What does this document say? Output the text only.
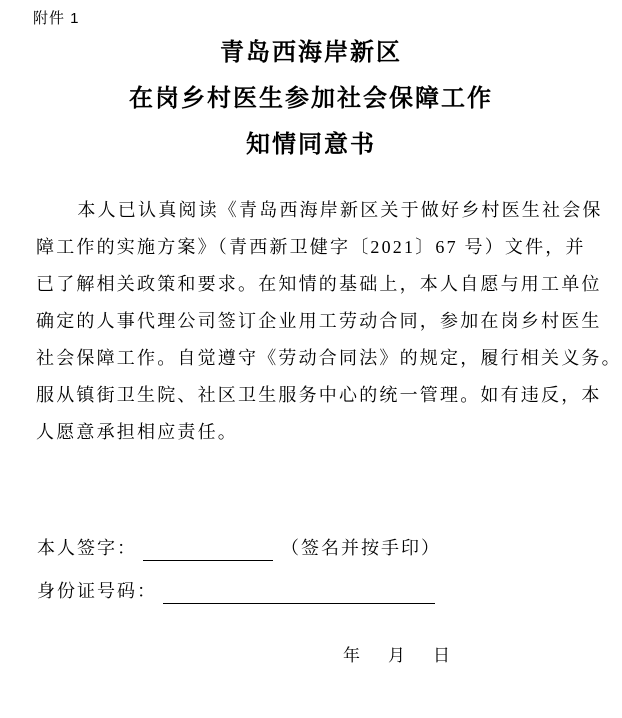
附件 1
青岛西海岸新区
在岗乡村医生参加社会保障工作
知情同意书
本人已认真阅读《青岛西海岸新区关于做好乡村医生社会保
障工作的实施方案》（青西新卫健字〔2021〕67 号）文件，并
已了解相关政策和要求。在知情的基础上，本人自愿与用工单位
确定的人事代理公司签订企业用工劳动合同，参加在岗乡村医生
社会保障工作。自觉遵守《劳动合同法》的规定，履行相关义务。
服从镇街卫生院、社区卫生服务中心的统一管理。如有违反，本
人愿意承担相应责任。
本人签字：	（签名并按手印）
身份证号码：
年 月 日
